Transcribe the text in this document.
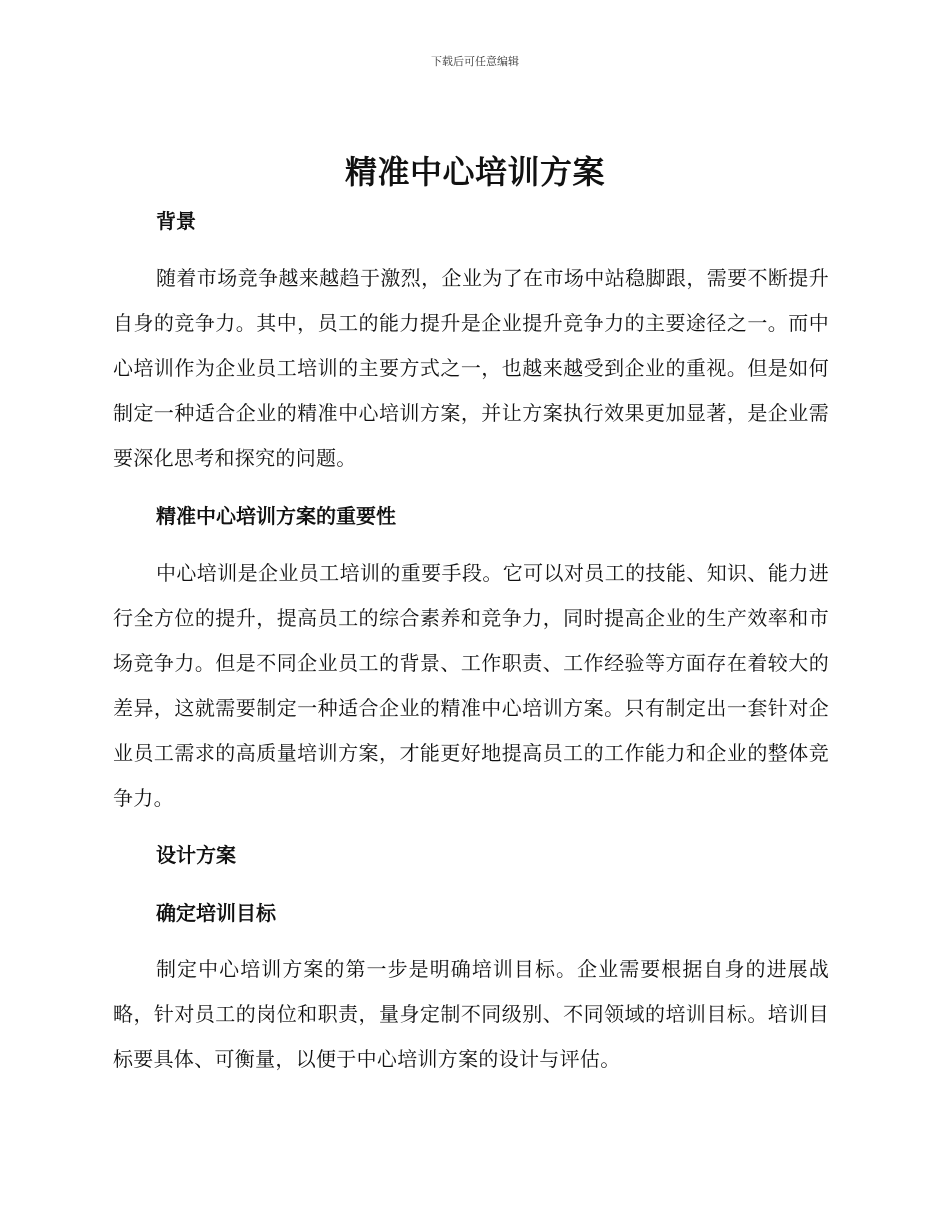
下载后可任意编辑
精准中心培训方案
背景

随着市场竞争越来越趋于激烈，企业为了在市场中站稳脚跟，需要不断提升自身的竞争力。其中，员工的能力提升是企业提升竞争力的主要途径之一。而中心培训作为企业员工培训的主要方式之一，也越来越受到企业的重视。但是如何制定一种适合企业的精准中心培训方案，并让方案执行效果更加显著，是企业需要深化思考和探究的问题。

精准中心培训方案的重要性

中心培训是企业员工培训的重要手段。它可以对员工的技能、知识、能力进行全方位的提升，提高员工的综合素养和竞争力，同时提高企业的生产效率和市场竞争力。但是不同企业员工的背景、工作职责、工作经验等方面存在着较大的差异，这就需要制定一种适合企业的精准中心培训方案。只有制定出一套针对企业员工需求的高质量培训方案，才能更好地提高员工的工作能力和企业的整体竞争力。

设计方案
确定培训目标

制定中心培训方案的第一步是明确培训目标。企业需要根据自身的进展战略，针对员工的岗位和职责，量身定制不同级别、不同领域的培训目标。培训目标要具体、可衡量，以便于中心培训方案的设计与评估。
